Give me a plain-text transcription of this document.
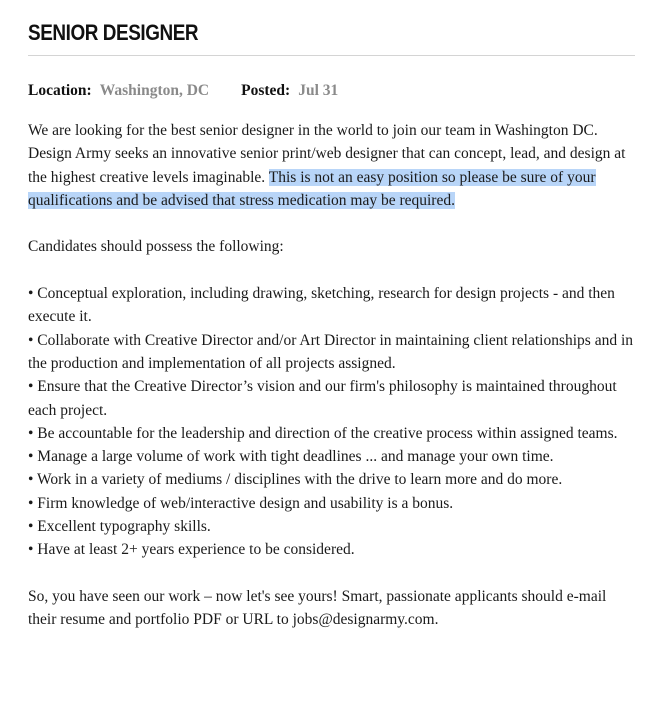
SENIOR DESIGNER
Location: Washington, DC Posted: Jul 31

We are looking for the best senior designer in the world to join our team in Washington DC. Design Army seeks an innovative senior print/web designer that can concept, lead, and design at the highest creative levels imaginable. This is not an easy position so please be sure of your qualifications and be advised that stress medication may be required.

Candidates should possess the following:

• Conceptual exploration, including drawing, sketching, research for design projects - and then execute it.
• Collaborate with Creative Director and/or Art Director in maintaining client relationships and in the production and implementation of all projects assigned.
• Ensure that the Creative Director’s vision and our firm's philosophy is maintained throughout each project.
• Be accountable for the leadership and direction of the creative process within assigned teams.
• Manage a large volume of work with tight deadlines ... and manage your own time.
• Work in a variety of mediums / disciplines with the drive to learn more and do more.
• Firm knowledge of web/interactive design and usability is a bonus.
• Excellent typography skills.
• Have at least 2+ years experience to be considered.

So, you have seen our work – now let's see yours! Smart, passionate applicants should e-mail their resume and portfolio PDF or URL to jobs@designarmy.com.
